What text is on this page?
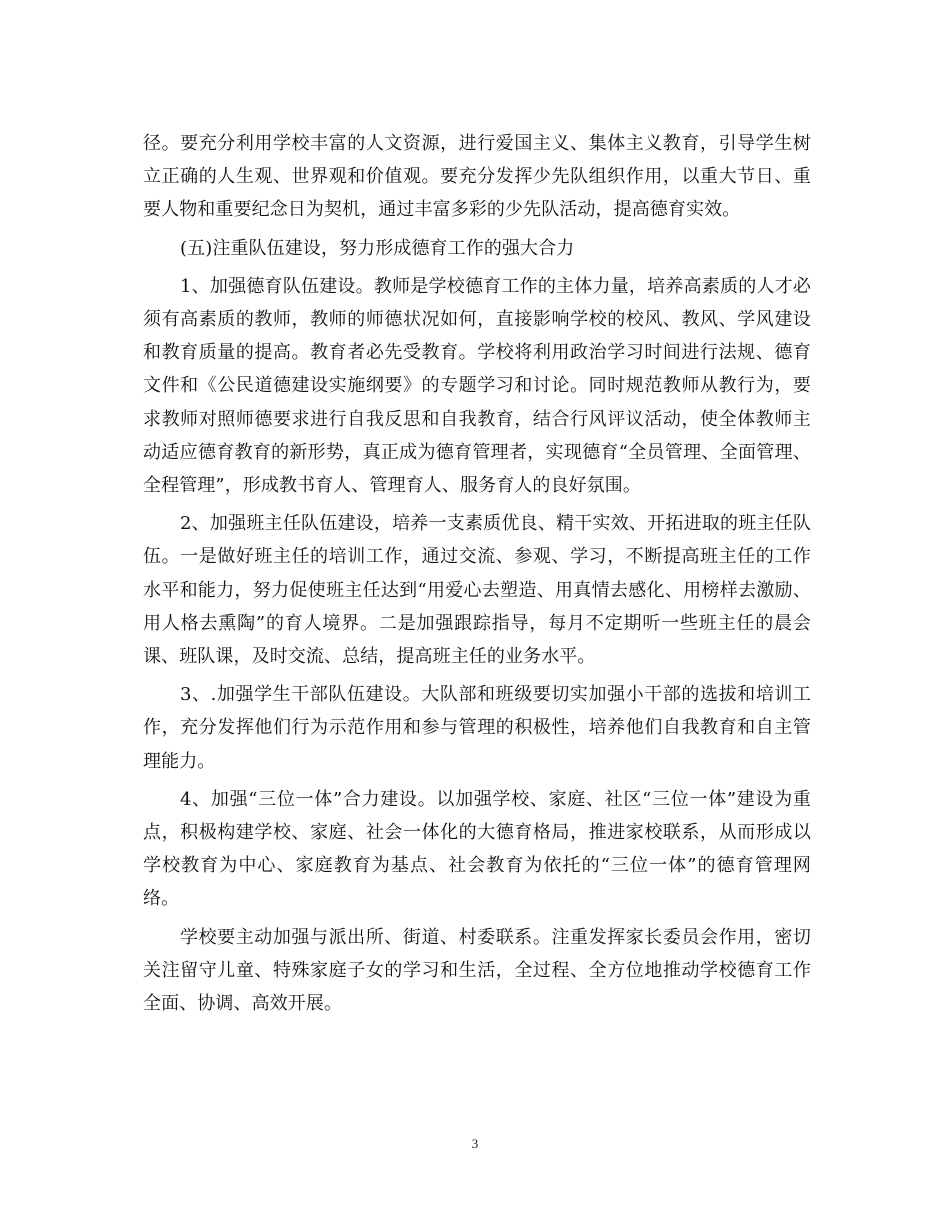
径。要充分利用学校丰富的人文资源，进行爱国主义、集体主义教育，引导学生树立正确的人生观、世界观和价值观。要充分发挥少先队组织作用，以重大节日、重要人物和重要纪念日为契机，通过丰富多彩的少先队活动，提高德育实效。

(五)注重队伍建设，努力形成德育工作的强大合力

1、加强德育队伍建设。教师是学校德育工作的主体力量，培养高素质的人才必须有高素质的教师，教师的师德状况如何，直接影响学校的校风、教风、学风建设和教育质量的提高。教育者必先受教育。学校将利用政治学习时间进行法规、德育文件和《公民道德建设实施纲要》的专题学习和讨论。同时规范教师从教行为，要求教师对照师德要求进行自我反思和自我教育，结合行风评议活动，使全体教师主动适应德育教育的新形势，真正成为德育管理者，实现德育“全员管理、全面管理、全程管理”，形成教书育人、管理育人、服务育人的良好氛围。

2、加强班主任队伍建设，培养一支素质优良、精干实效、开拓进取的班主任队伍。一是做好班主任的培训工作，通过交流、参观、学习，不断提高班主任的工作水平和能力，努力促使班主任达到“用爱心去塑造、用真情去感化、用榜样去激励、用人格去熏陶”的育人境界。二是加强跟踪指导，每月不定期听一些班主任的晨会课、班队课，及时交流、总结，提高班主任的业务水平。

3、.加强学生干部队伍建设。大队部和班级要切实加强小干部的选拔和培训工作，充分发挥他们行为示范作用和参与管理的积极性，培养他们自我教育和自主管理能力。

4、加强“三位一体”合力建设。以加强学校、家庭、社区“三位一体”建设为重点，积极构建学校、家庭、社会一体化的大德育格局，推进家校联系，从而形成以学校教育为中心、家庭教育为基点、社会教育为依托的“三位一体”的德育管理网络。

学校要主动加强与派出所、街道、村委联系。注重发挥家长委员会作用，密切关注留守儿童、特殊家庭子女的学习和生活，全过程、全方位地推动学校德育工作全面、协调、高效开展。

3
